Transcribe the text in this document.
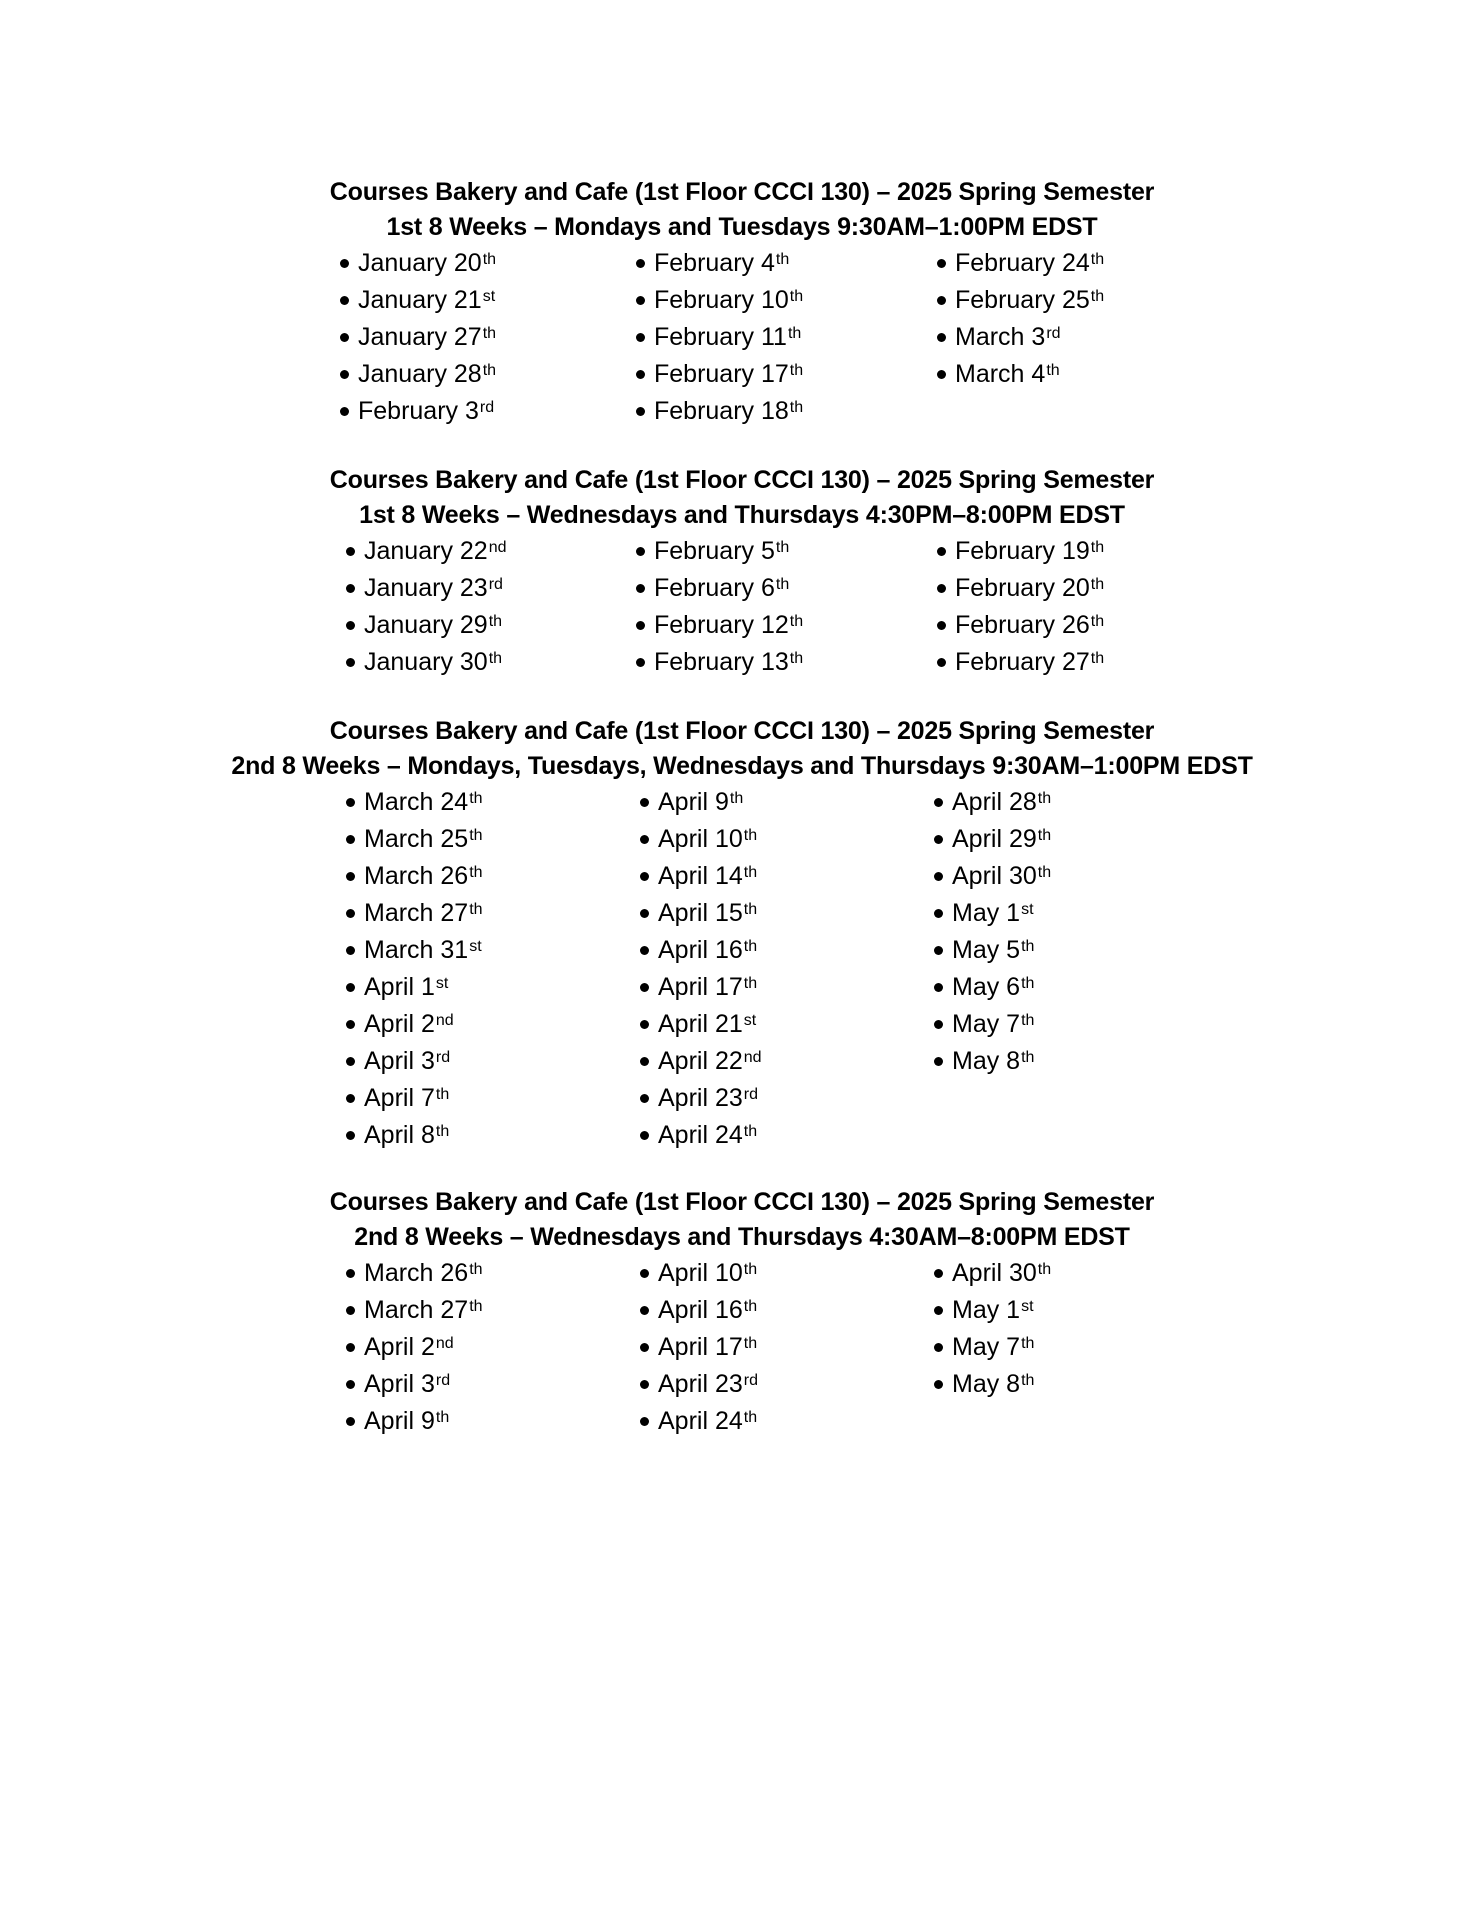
Courses Bakery and Cafe (1st Floor CCCI 130) – 2025 Spring Semester
1st 8 Weeks – Mondays and Tuesdays 9:30AM–1:00PM EDST
January 20 th
January 21 st
January 27 th
January 28 th
February 3 rd
February 4 th
February 10 th
February 11 th
February 17 th
February 18 th
February 24 th
February 25 th
March 3 rd
March 4 th
Courses Bakery and Cafe (1st Floor CCCI 130) – 2025 Spring Semester
1st 8 Weeks – Wednesdays and Thursdays 4:30PM–8:00PM EDST
January 22 nd
January 23 rd
January 29 th
January 30 th
February 5 th
February 6 th
February 12 th
February 13 th
February 19 th
February 20 th
February 26 th
February 27 th
Courses Bakery and Cafe (1st Floor CCCI 130) – 2025 Spring Semester
2nd 8 Weeks – Mondays, Tuesdays, Wednesdays and Thursdays 9:30AM–1:00PM EDST
March 24 th
March 25 th
March 26 th
March 27 th
March 31 st
April 1 st
April 2 nd
April 3 rd
April 7 th
April 8 th
April 9 th
April 10 th
April 14 th
April 15 th
April 16 th
April 17 th
April 21 st
April 22 nd
April 23 rd
April 24 th
April 28 th
April 29 th
April 30 th
May 1 st
May 5 th
May 6 th
May 7 th
May 8 th
Courses Bakery and Cafe (1st Floor CCCI 130) – 2025 Spring Semester
2nd 8 Weeks – Wednesdays and Thursdays 4:30AM–8:00PM EDST
March 26 th
March 27 th
April 2 nd
April 3 rd
April 9 th
April 10 th
April 16 th
April 17 th
April 23 rd
April 24 th
April 30 th
May 1 st
May 7 th
May 8 th
